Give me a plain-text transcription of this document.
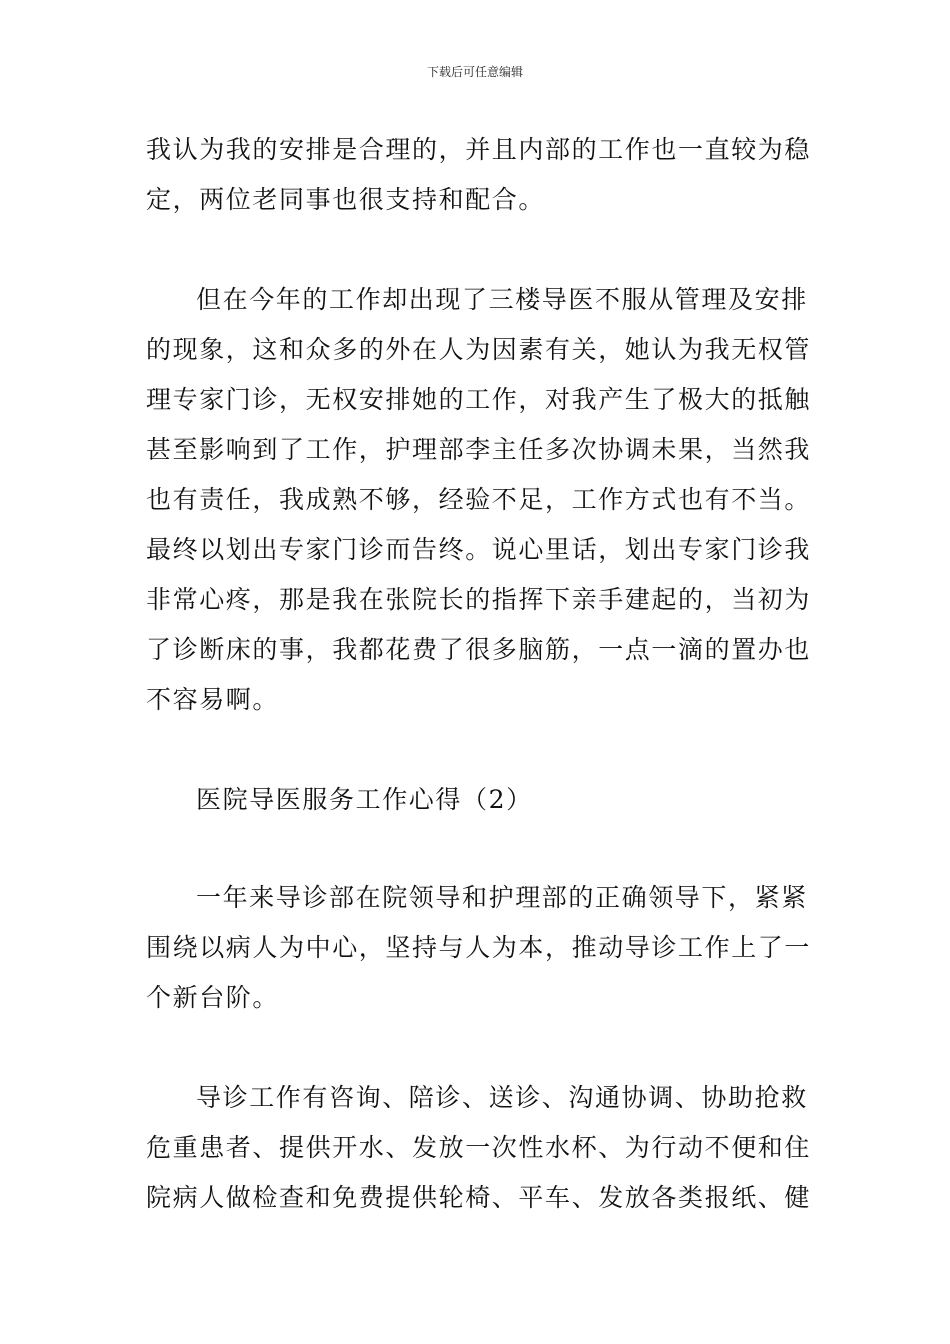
下载后可任意编辑
我认为我的安排是合理的，并且内部的工作也一直较为稳
定，两位老同事也很支持和配合。
但在今年的工作却出现了三楼导医不服从管理及安排
的现象，这和众多的外在人为因素有关，她认为我无权管
理专家门诊，无权安排她的工作，对我产生了极大的抵触
甚至影响到了工作，护理部李主任多次协调未果，当然我
也有责任，我成熟不够，经验不足，工作方式也有不当。
最终以划出专家门诊而告终。说心里话，划出专家门诊我
非常心疼，那是我在张院长的指挥下亲手建起的，当初为
了诊断床的事，我都花费了很多脑筋，一点一滴的置办也
不容易啊。
医院导医服务工作心得（2）
一年来导诊部在院领导和护理部的正确领导下，紧紧
围绕以病人为中心，坚持与人为本，推动导诊工作上了一
个新台阶。
导诊工作有咨询、陪诊、送诊、沟通协调、协助抢救
危重患者、提供开水、发放一次性水杯、为行动不便和住
院病人做检查和免费提供轮椅、平车、发放各类报纸、健
